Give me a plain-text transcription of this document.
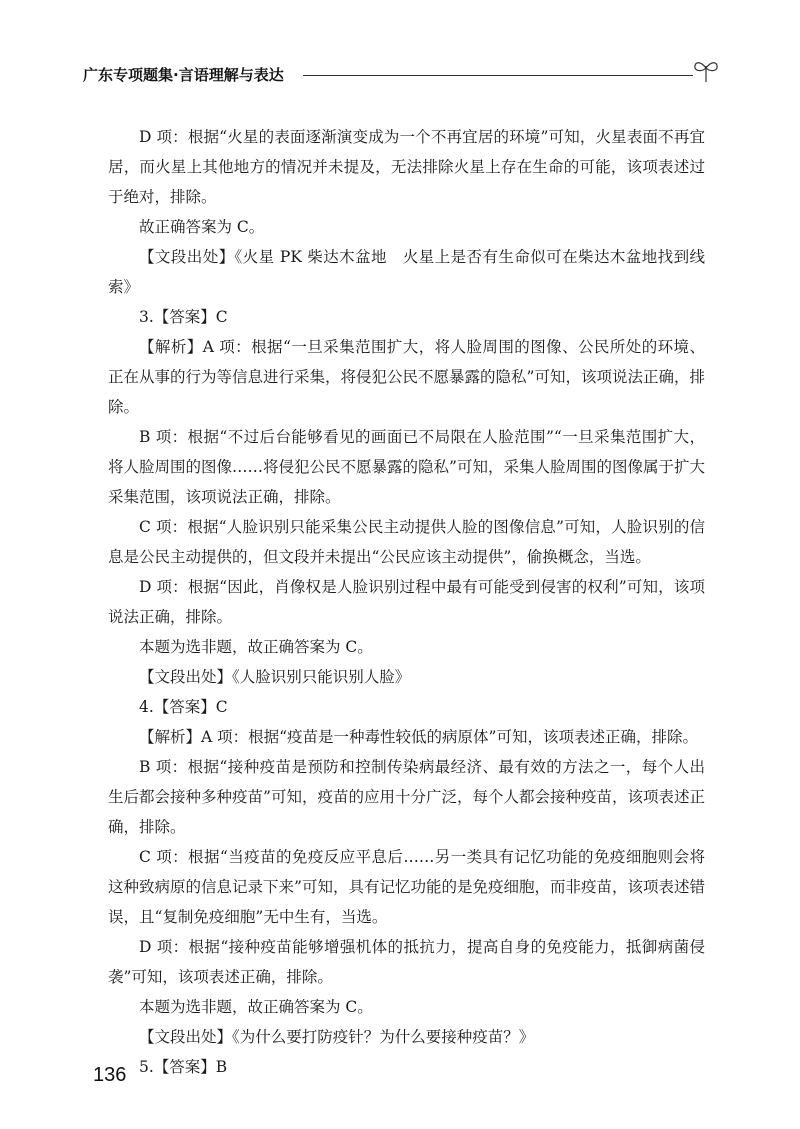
广东专项题集·言语理解与表达

D 项：根据“火星的表面逐渐演变成为一个不再宜居的环境”可知，火星表面不再宜居，而火星上其他地方的情况并未提及，无法排除火星上存在生命的可能，该项表述过于绝对，排除。

故正确答案为 C。

【文段出处】《火星 PK 柴达木盆地　火星上是否有生命似可在柴达木盆地找到线索》

3.【答案】C

【解析】A 项：根据“一旦采集范围扩大，将人脸周围的图像、公民所处的环境、正在从事的行为等信息进行采集，将侵犯公民不愿暴露的隐私”可知，该项说法正确，排除。

B 项：根据“不过后台能够看见的画面已不局限在人脸范围”“一旦采集范围扩大，将人脸周围的图像……将侵犯公民不愿暴露的隐私”可知，采集人脸周围的图像属于扩大采集范围，该项说法正确，排除。

C 项：根据“人脸识别只能采集公民主动提供人脸的图像信息”可知，人脸识别的信息是公民主动提供的，但文段并未提出“公民应该主动提供”，偷换概念，当选。

D 项：根据“因此，肖像权是人脸识别过程中最有可能受到侵害的权利”可知，该项说法正确，排除。

本题为选非题，故正确答案为 C。

【文段出处】《人脸识别只能识别人脸》

4.【答案】C

【解析】A 项：根据“疫苗是一种毒性较低的病原体”可知，该项表述正确，排除。

B 项：根据“接种疫苗是预防和控制传染病最经济、最有效的方法之一，每个人出生后都会接种多种疫苗”可知，疫苗的应用十分广泛，每个人都会接种疫苗，该项表述正确，排除。

C 项：根据“当疫苗的免疫反应平息后……另一类具有记忆功能的免疫细胞则会将这种致病原的信息记录下来”可知，具有记忆功能的是免疫细胞，而非疫苗，该项表述错误，且“复制免疫细胞”无中生有，当选。

D 项：根据“接种疫苗能够增强机体的抵抗力，提高自身的免疫能力，抵御病菌侵袭”可知，该项表述正确，排除。

本题为选非题，故正确答案为 C。

【文段出处】《为什么要打防疫针？为什么要接种疫苗？》

5.【答案】B

136
